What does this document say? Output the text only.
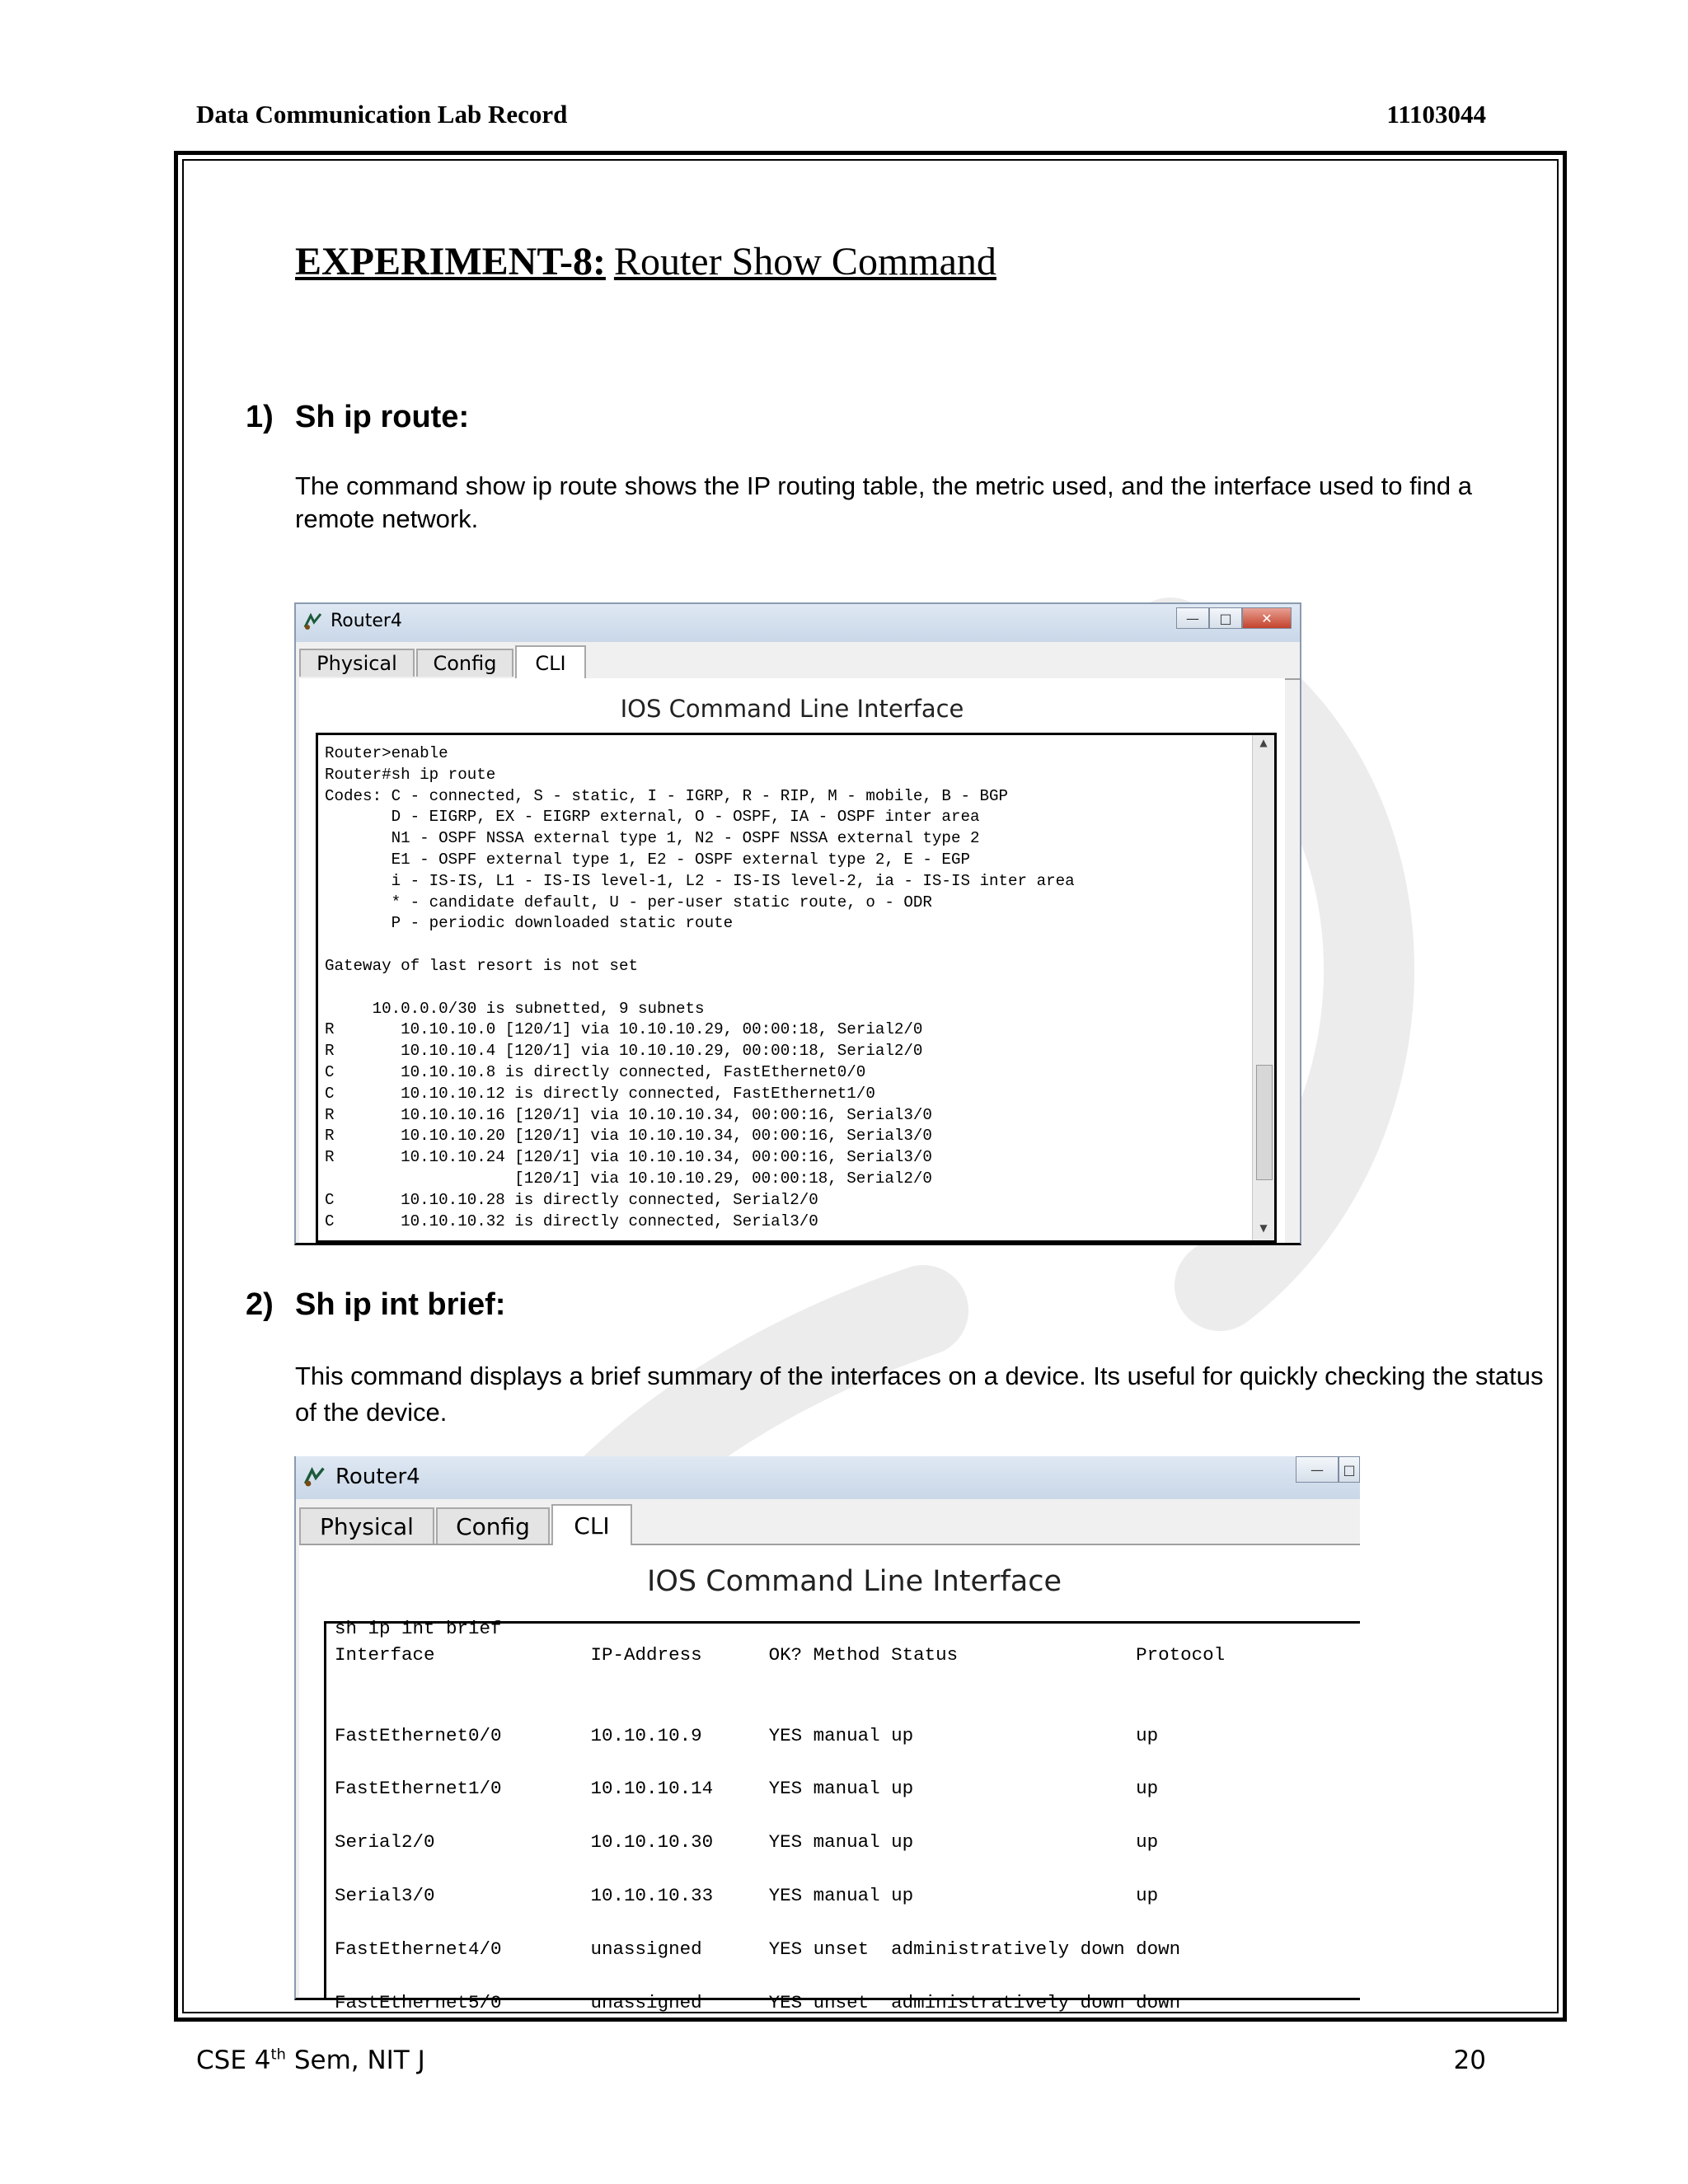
Data Communication Lab Record	11103044
EXPERIMENT-8: Router Show Command
1) Sh ip route:
The command show ip route shows the IP routing table, the metric used, and the interface used to find a remote network.
Router4	—	□	✕
Physical	Config	CLI
IOS Command Line Interface
Router>enable
Router#sh ip route
Codes: C - connected, S - static, I - IGRP, R - RIP, M - mobile, B - BGP
D - EIGRP, EX - EIGRP external, O - OSPF, IA - OSPF inter area
N1 - OSPF NSSA external type 1, N2 - OSPF NSSA external type 2
E1 - OSPF external type 1, E2 - OSPF external type 2, E - EGP
i - IS-IS, L1 - IS-IS level-1, L2 - IS-IS level-2, ia - IS-IS inter area
* - candidate default, U - per-user static route, o - ODR
P - periodic downloaded static route

Gateway of last resort is not set

10.0.0.0/30 is subnetted, 9 subnets
R       10.10.10.0 [120/1] via 10.10.10.29, 00:00:18, Serial2/0
R       10.10.10.4 [120/1] via 10.10.10.29, 00:00:18, Serial2/0
C       10.10.10.8 is directly connected, FastEthernet0/0
C       10.10.10.12 is directly connected, FastEthernet1/0
R       10.10.10.16 [120/1] via 10.10.10.34, 00:00:16, Serial3/0
R       10.10.10.20 [120/1] via 10.10.10.34, 00:00:16, Serial3/0
R       10.10.10.24 [120/1] via 10.10.10.34, 00:00:16, Serial3/0
[120/1] via 10.10.10.29, 00:00:18, Serial2/0
C       10.10.10.28 is directly connected, Serial2/0
C       10.10.10.32 is directly connected, Serial3/0
▲
▼
2) Sh ip int brief:
This command displays a brief summary of the interfaces on a device. Its useful for quickly checking the status of the device.
Router4	—	□
Physical	Config	CLI
IOS Command Line Interface
sh ip int brief
Interface              IP-Address      OK? Method Status                Protocol

FastEthernet0/0        10.10.10.9      YES manual up                    up

FastEthernet1/0        10.10.10.14     YES manual up                    up

Serial2/0              10.10.10.30     YES manual up                    up

Serial3/0              10.10.10.33     YES manual up                    up

FastEthernet4/0        unassigned      YES unset  administratively down down

FastEthernet5/0        unassigned      YES unset  administratively down down
CSE 4th Sem, NIT J	20
